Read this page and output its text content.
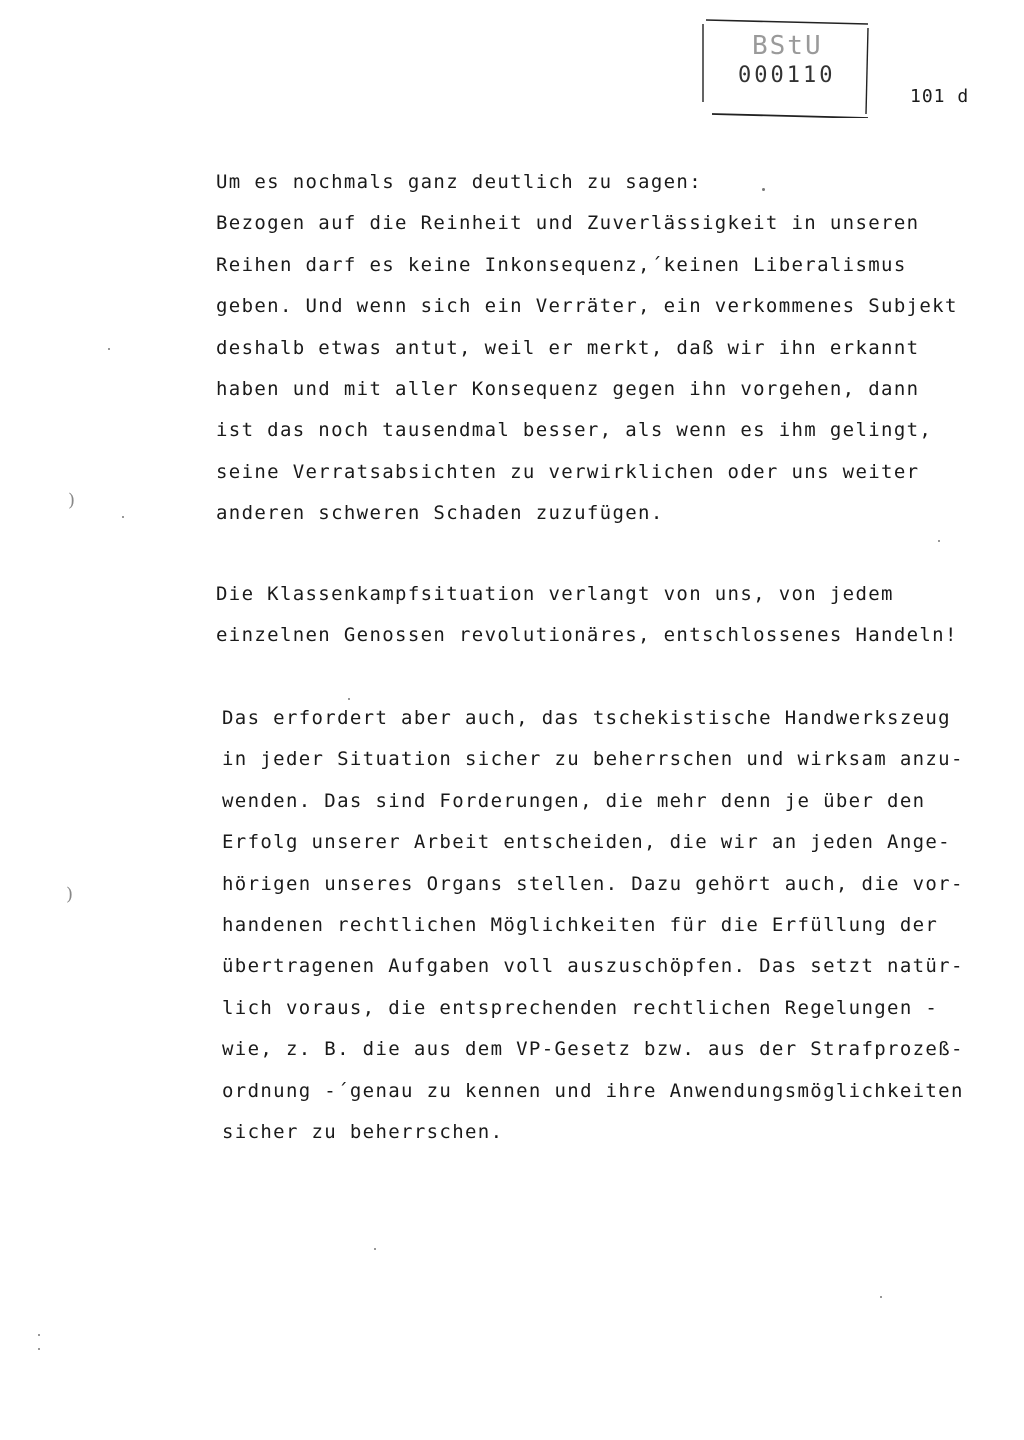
BStU
000110
101 d
Um es nochmals ganz deutlich zu sagen:
Bezogen auf die Reinheit und Zuverlässigkeit in unseren
Reihen darf es keine Inkonsequenz,´keinen Liberalismus
geben. Und wenn sich ein Verräter, ein verkommenes Subjekt
deshalb etwas antut, weil er merkt, daß wir ihn erkannt
haben und mit aller Konsequenz gegen ihn vorgehen, dann
ist das noch tausendmal besser, als wenn es ihm gelingt,
seine Verratsabsichten zu verwirklichen oder uns weiter
anderen schweren Schaden zuzufügen.
Die Klassenkampfsituation verlangt von uns, von jedem
einzelnen Genossen revolutionäres, entschlossenes Handeln!
Das erfordert aber auch, das tschekistische Handwerkszeug
in jeder Situation sicher zu beherrschen und wirksam anzu-
wenden. Das sind Forderungen, die mehr denn je über den
Erfolg unserer Arbeit entscheiden, die wir an jeden Ange-
hörigen unseres Organs stellen. Dazu gehört auch, die vor-
handenen rechtlichen Möglichkeiten für die Erfüllung der
übertragenen Aufgaben voll auszuschöpfen. Das setzt natür-
lich voraus, die entsprechenden rechtlichen Regelungen -
wie, z. B. die aus dem VP-Gesetz bzw. aus der Strafprozeß-
ordnung -´genau zu kennen und ihre Anwendungsmöglichkeiten
sicher zu beherrschen.
)
)
